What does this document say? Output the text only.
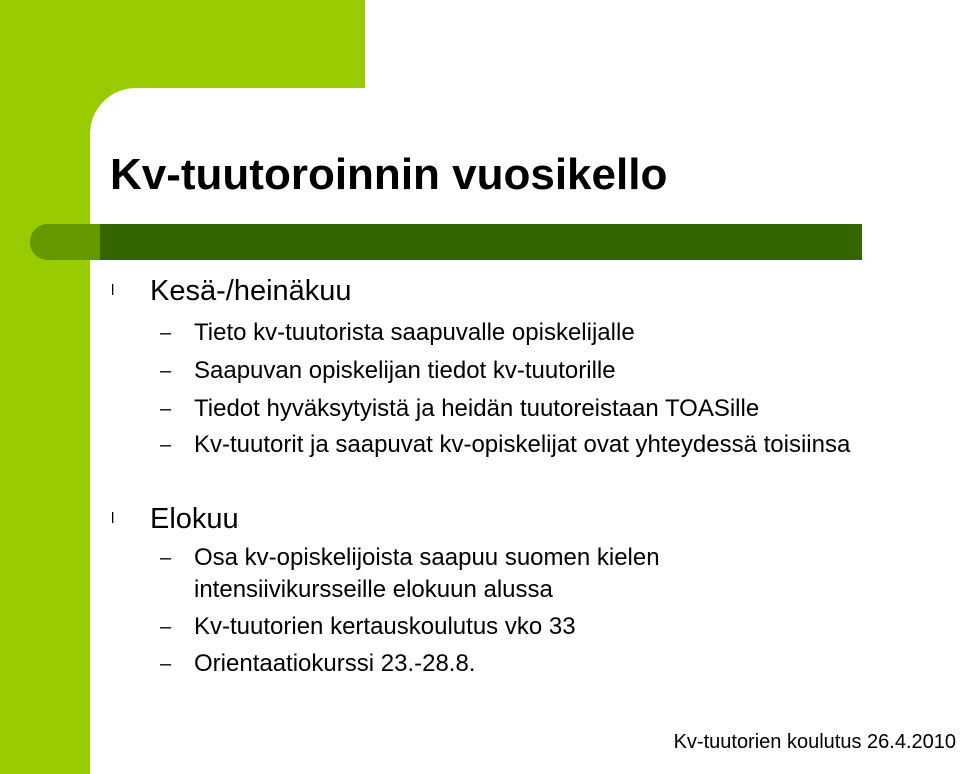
Kv-tuutoroinnin vuosikello
l Kesä-/heinäkuu
– Tieto kv-tuutorista saapuvalle opiskelijalle
– Saapuvan opiskelijan tiedot kv-tuutorille
– Tiedot hyväksytyistä ja heidän tuutoreistaan TOASille
– Kv-tuutorit ja saapuvat kv-opiskelijat ovat yhteydessä toisiinsa
l Elokuu
– Osa kv-opiskelijoista saapuu suomen kielen intensiivikursseille elokuun alussa
– Kv-tuutorien kertauskoulutus vko 33
– Orientaatiokurssi 23.-28.8.
Kv-tuutorien koulutus 26.4.2010
